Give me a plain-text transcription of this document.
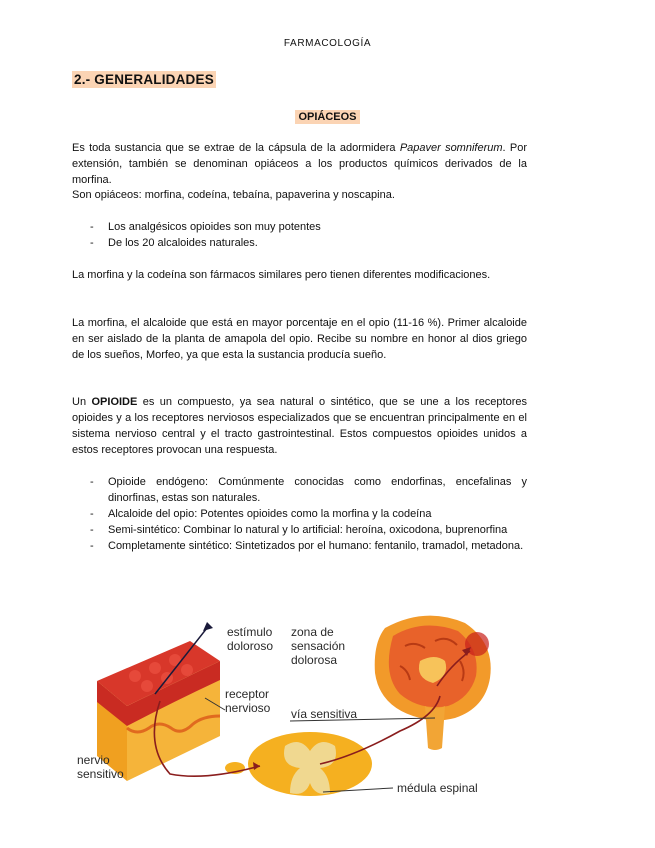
FARMACOLOGÍA
2.- GENERALIDADES
OPIÁCEOS

Es toda sustancia que se extrae de la cápsula de la adormidera Papaver somniferum. Por extensión, también se denominan opiáceos a los productos químicos derivados de la morfina.

Son opiáceos: morfina, codeína, tebaína, papaverina y noscapina.

- Los analgésicos opioides son muy potentes
- De los 20 alcaloides naturales.

La morfina y la codeína son fármacos similares pero tienen diferentes modificaciones.

La morfina, el alcaloide que está en mayor porcentaje en el opio (11-16 %). Primer alcaloide en ser aislado de la planta de amapola del opio. Recibe su nombre en honor al dios griego de los sueños, Morfeo, ya que esta la sustancia producía sueño.

Un OPIOIDE es un compuesto, ya sea natural o sintético, que se une a los receptores opioides y a los receptores nerviosos especializados que se encuentran principalmente en el sistema nervioso central y el tracto gastrointestinal. Estos compuestos opioides unidos a estos receptores provocan una respuesta.

- Opioide endógeno: Comúnmente conocidas como endorfinas, encefalinas y dinorfinas, estas son naturales.
- Alcaloide del opio: Potentes opioides como la morfina y la codeína
- Semi-sintético: Combinar lo natural y lo artificial: heroína, oxicodona, buprenorfina
- Completamente sintético: Sintetizados por el humano: fentanilo, tramadol, metadona.
estímulo
doloroso
zona de
sensación
dolorosa
receptor
nervioso vía sensitiva
nervio
sensitivo
médula espinal
